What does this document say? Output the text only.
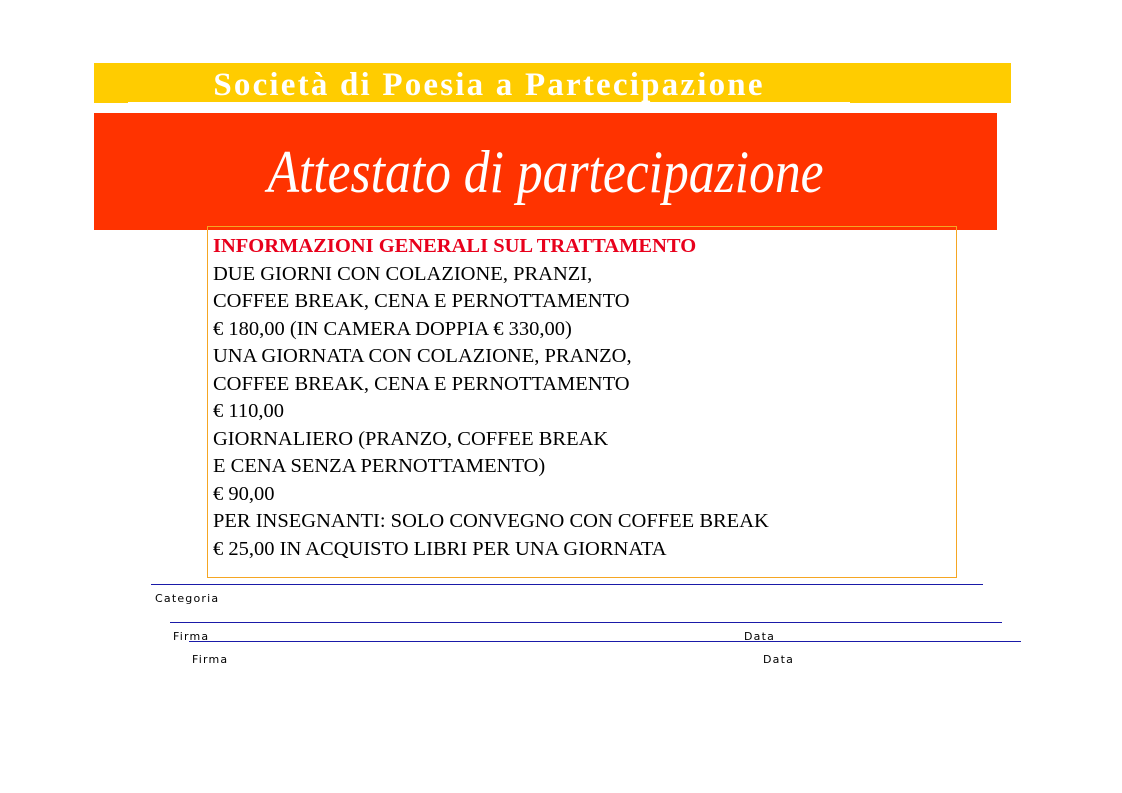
Società di Poesia a Partecipazione
Attestato di partecipazione
INFORMAZIONI GENERALI SUL TRATTAMENTO
DUE GIORNI CON COLAZIONE, PRANZI,
COFFEE BREAK, CENA E PERNOTTAMENTO
€ 180,00 (IN CAMERA DOPPIA € 330,00)
UNA GIORNATA CON COLAZIONE, PRANZO,
COFFEE BREAK, CENA E PERNOTTAMENTO
€ 110,00
GIORNALIERO (PRANZO, COFFEE BREAK
E CENA SENZA PERNOTTAMENTO)
€ 90,00
PER INSEGNANTI: SOLO CONVEGNO CON COFFEE BREAK
€ 25,00 IN ACQUISTO LIBRI PER UNA GIORNATA
Categoria
Firma	Data
Firma	Data
